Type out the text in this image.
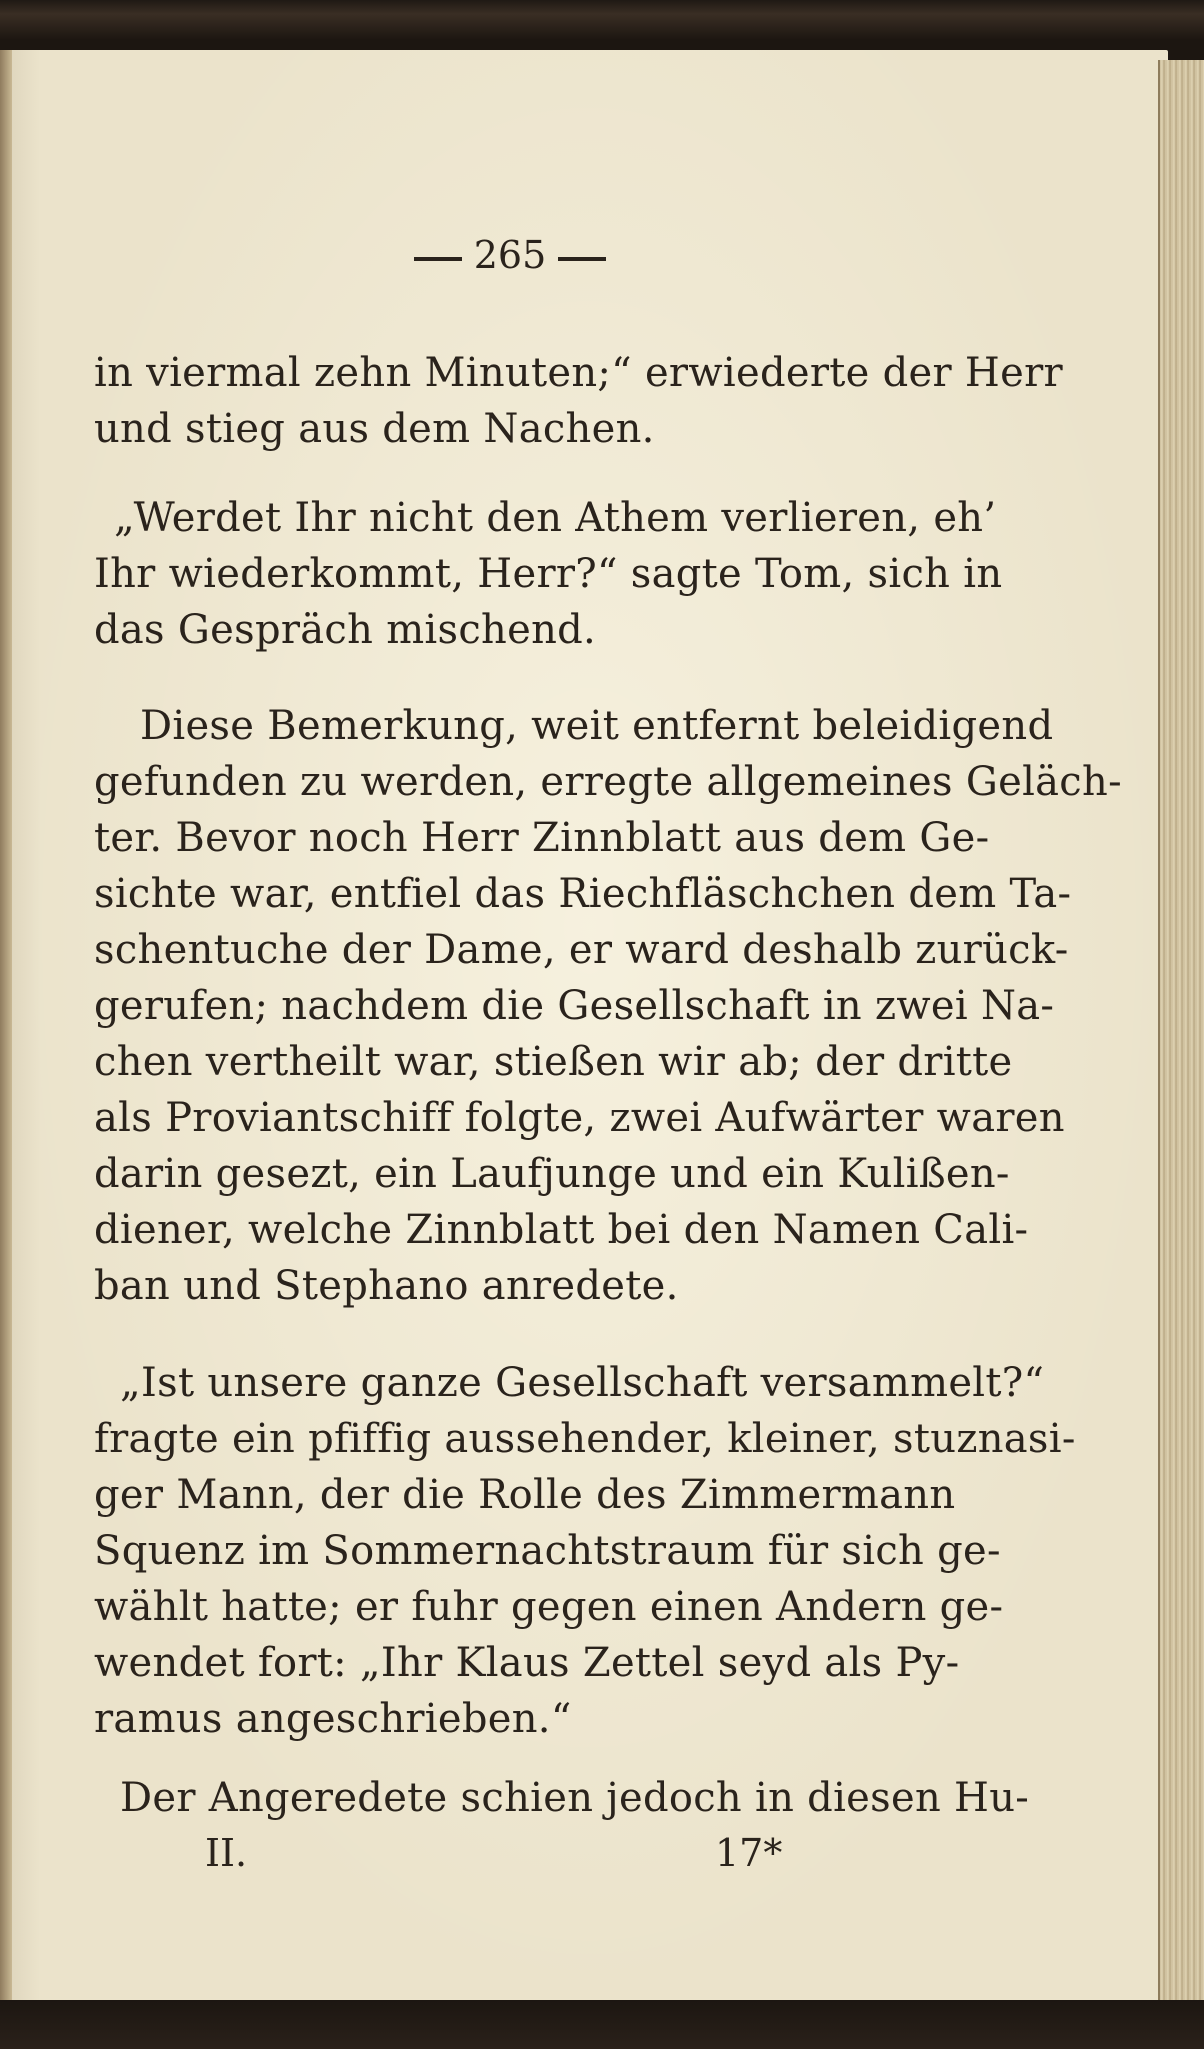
265
in viermal zehn Minuten;“ erwiederte der Herr
und stieg aus dem Nachen.
„Werdet Ihr nicht den Athem verlieren, eh’
Ihr wiederkommt, Herr?“ sagte Tom, sich in
das Gespräch mischend.
Diese Bemerkung, weit entfernt beleidigend
gefunden zu werden, erregte allgemeines Geläch-
ter. Bevor noch Herr Zinnblatt aus dem Ge-
sichte war, entfiel das Riechfläschchen dem Ta-
schentuche der Dame, er ward deshalb zurück-
gerufen; nachdem die Gesellschaft in zwei Na-
chen vertheilt war, stießen wir ab; der dritte
als Proviantschiff folgte, zwei Aufwärter waren
darin gesezt, ein Laufjunge und ein Kulißen-
diener, welche Zinnblatt bei den Namen Cali-
ban und Stephano anredete.
„Ist unsere ganze Gesellschaft versammelt?“
fragte ein pfiffig aussehender, kleiner, stuznasi-
ger Mann, der die Rolle des Zimmermann
Squenz im Sommernachtstraum für sich ge-
wählt hatte; er fuhr gegen einen Andern ge-
wendet fort: „Ihr Klaus Zettel seyd als Py-
ramus angeschrieben.“
Der Angeredete schien jedoch in diesen Hu-
II.	17*
